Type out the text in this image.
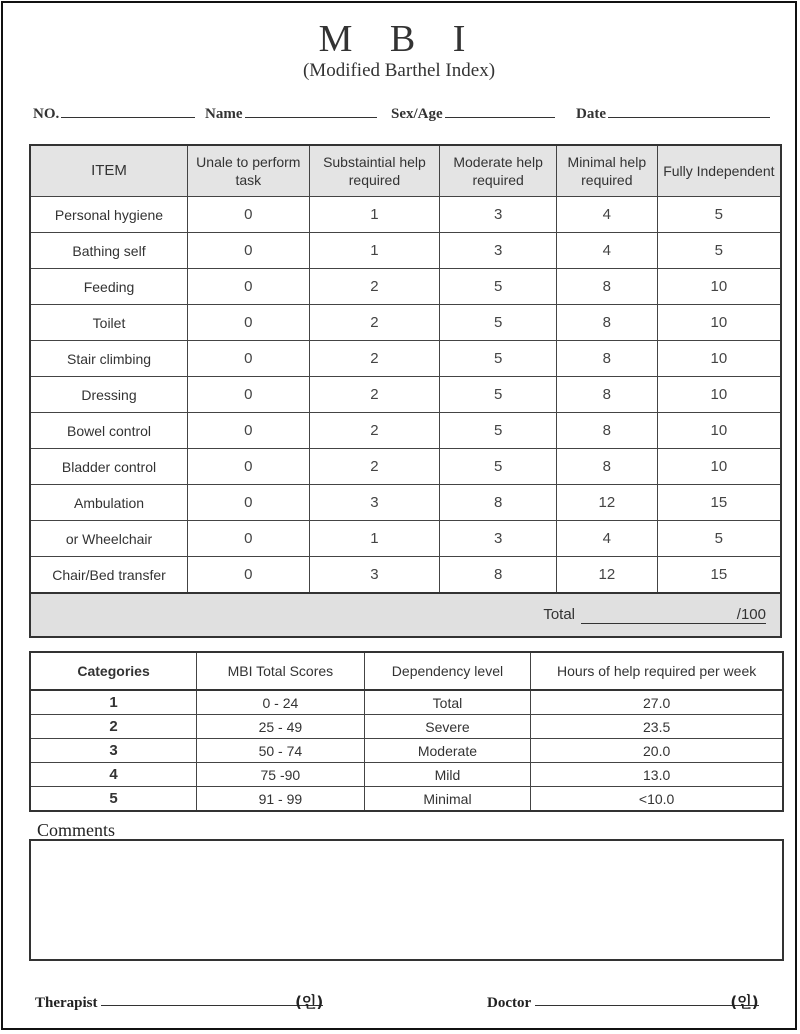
M B I
(Modified Barthel Index)
NO.	Name	Sex/Age	Date
ITEM	Unale to perform task	Substaintial help required	Moderate help required	Minimal help required	Fully Independent
Personal hygiene	0	1	3	4	5
Bathing self	0	1	3	4	5
Feeding	0	2	5	8	10
Toilet	0	2	5	8	10
Stair climbing	0	2	5	8	10
Dressing	0	2	5	8	10
Bowel control	0	2	5	8	10
Bladder control	0	2	5	8	10
Ambulation	0	3	8	12	15
or Wheelchair	0	1	3	4	5
Chair/Bed transfer	0	3	8	12	15
Total /100					
Categories	MBI Total Scores	Dependency level	Hours of help required per week
1	0 - 24	Total	27.0
2	25 - 49	Severe	23.5
3	50 - 74	Moderate	20.0
4	75 -90	Mild	13.0
5	91 - 99	Minimal	<10.0
Comments
Therapist	(인)	Doctor	(인)
